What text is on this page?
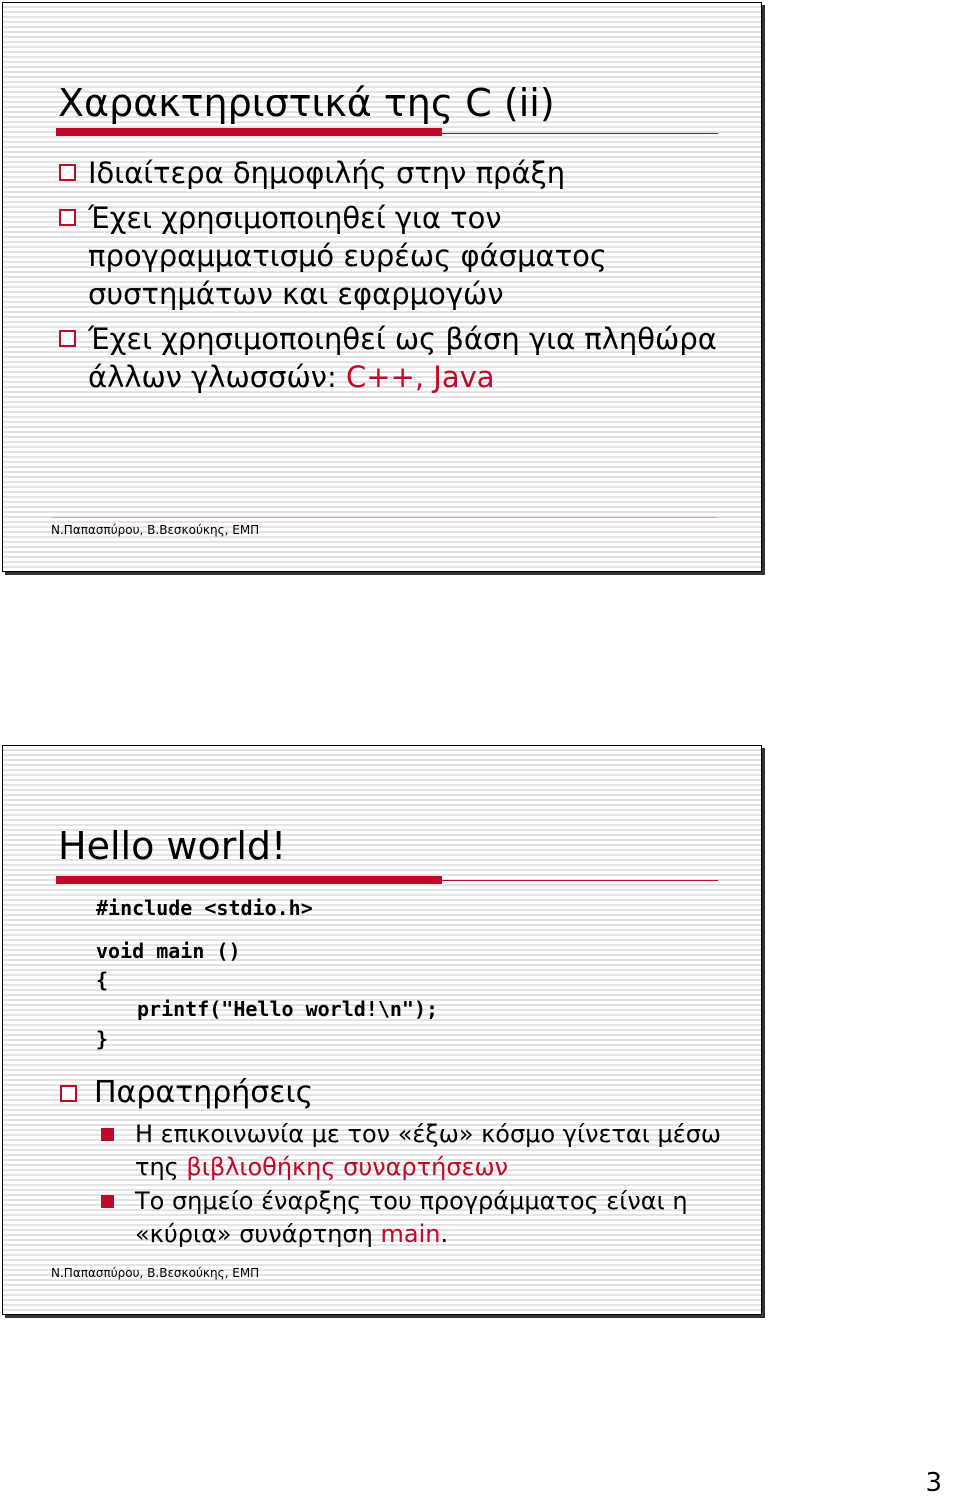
Χαρακτηριστικά της C (ii)
Ιδιαίτερα δημοφιλής στην πράξη
Έχει χρησιμοποιηθεί για τον προγραμματισμό ευρέως φάσματος συστημάτων και εφαρμογών
Έχει χρησιμοποιηθεί ως βάση για πληθώρα άλλων γλωσσών: C++, Java
Ν.Παπασπύρου, Β.Βεσκούκης, ΕΜΠ
Hello world!
#include <stdio.h>
void main ()
{
printf("Hello world!\n");
}
Παρατηρήσεις
Η επικοινωνία με τον «έξω» κόσμο γίνεται μέσω της βιβλιοθήκης συναρτήσεων
Το σημείο έναρξης του προγράμματος είναι η «κύρια» συνάρτηση main.
Ν.Παπασπύρου, Β.Βεσκούκης, ΕΜΠ
3
